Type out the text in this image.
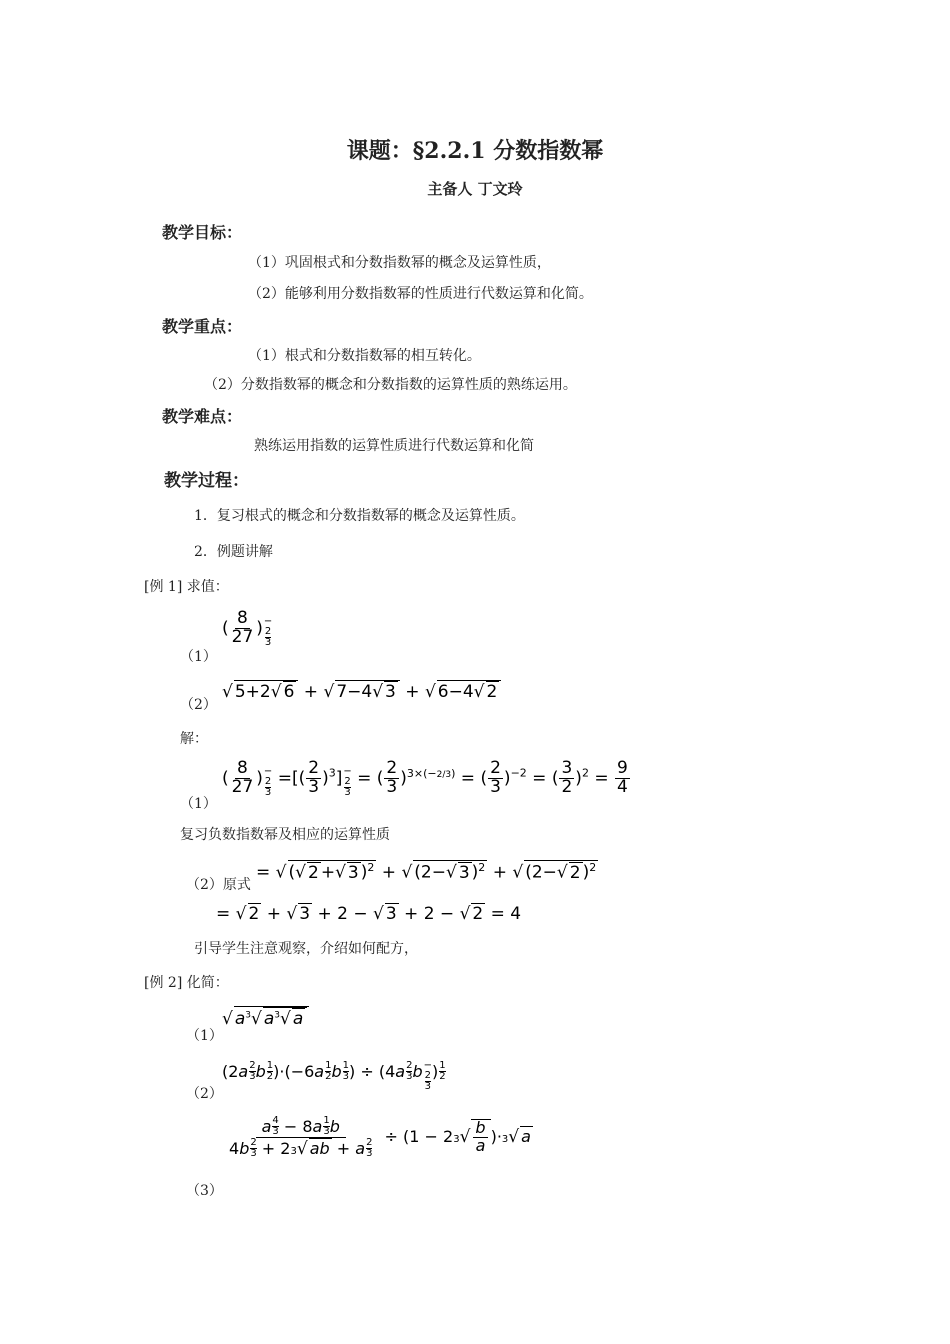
课题：§2.2.1 分数指数幂
主备人 丁文玲
教学目标：
（1）巩固根式和分数指数幂的概念及运算性质，
（2）能够利用分数指数幂的性质进行代数运算和化简。
教学重点：
（1）根式和分数指数幂的相互转化。
（2）分数指数幂的概念和分数指数的运算性质的熟练运用。
教学难点：
熟练运用指数的运算性质进行代数运算和化简
教学过程：
1．复习根式的概念和分数指数幂的概念及运算性质。
2．例题讲解
[例 1] 求值：
（1）
( $\frac{8}{27}$ )−
2
3
（2）
√ 5+2√ 6 + √ 7−4√ 3 + √ 6−4√ 2
解：
（1）
( $\frac{8}{27}$ )−
2
3
=[( $\frac{2}{3} )^3]-$
2
3
= ( $\frac{2}{3} )^{3\times(-2/3)}$ = ( $\frac{2}{3} )^{-2}$ = ( $\frac{3}{2} )^2 = \frac{9}{4}$
复习负数指数幂及相应的运算性质
（2）原式
= √ (√ 2 +√ 3 )$^2$ + √ (2−√ 3 )$^2$ + √ (2−√ 2 )$^2$
= √ 2 + √ 3 + 2 − √ 3 + 2 − √ 2 = 4
引导学生注意观察，介绍如何配方，
[例 2] 化简：
（1）
√ $a^3√$ $a^3√$ a
（2）
(2a 2
3 b 1
2 )·(−6a 1
2 b 1
3 ) ÷ (4a 2
3 b−
2
3
) 1
2
（3）
a 4
3 − 8a 1
3 b
4b 2
3 + 23√ ab + a 2
$3 \div (1 - 23√ \frac{b}{a} )\cdot 3√$ a
